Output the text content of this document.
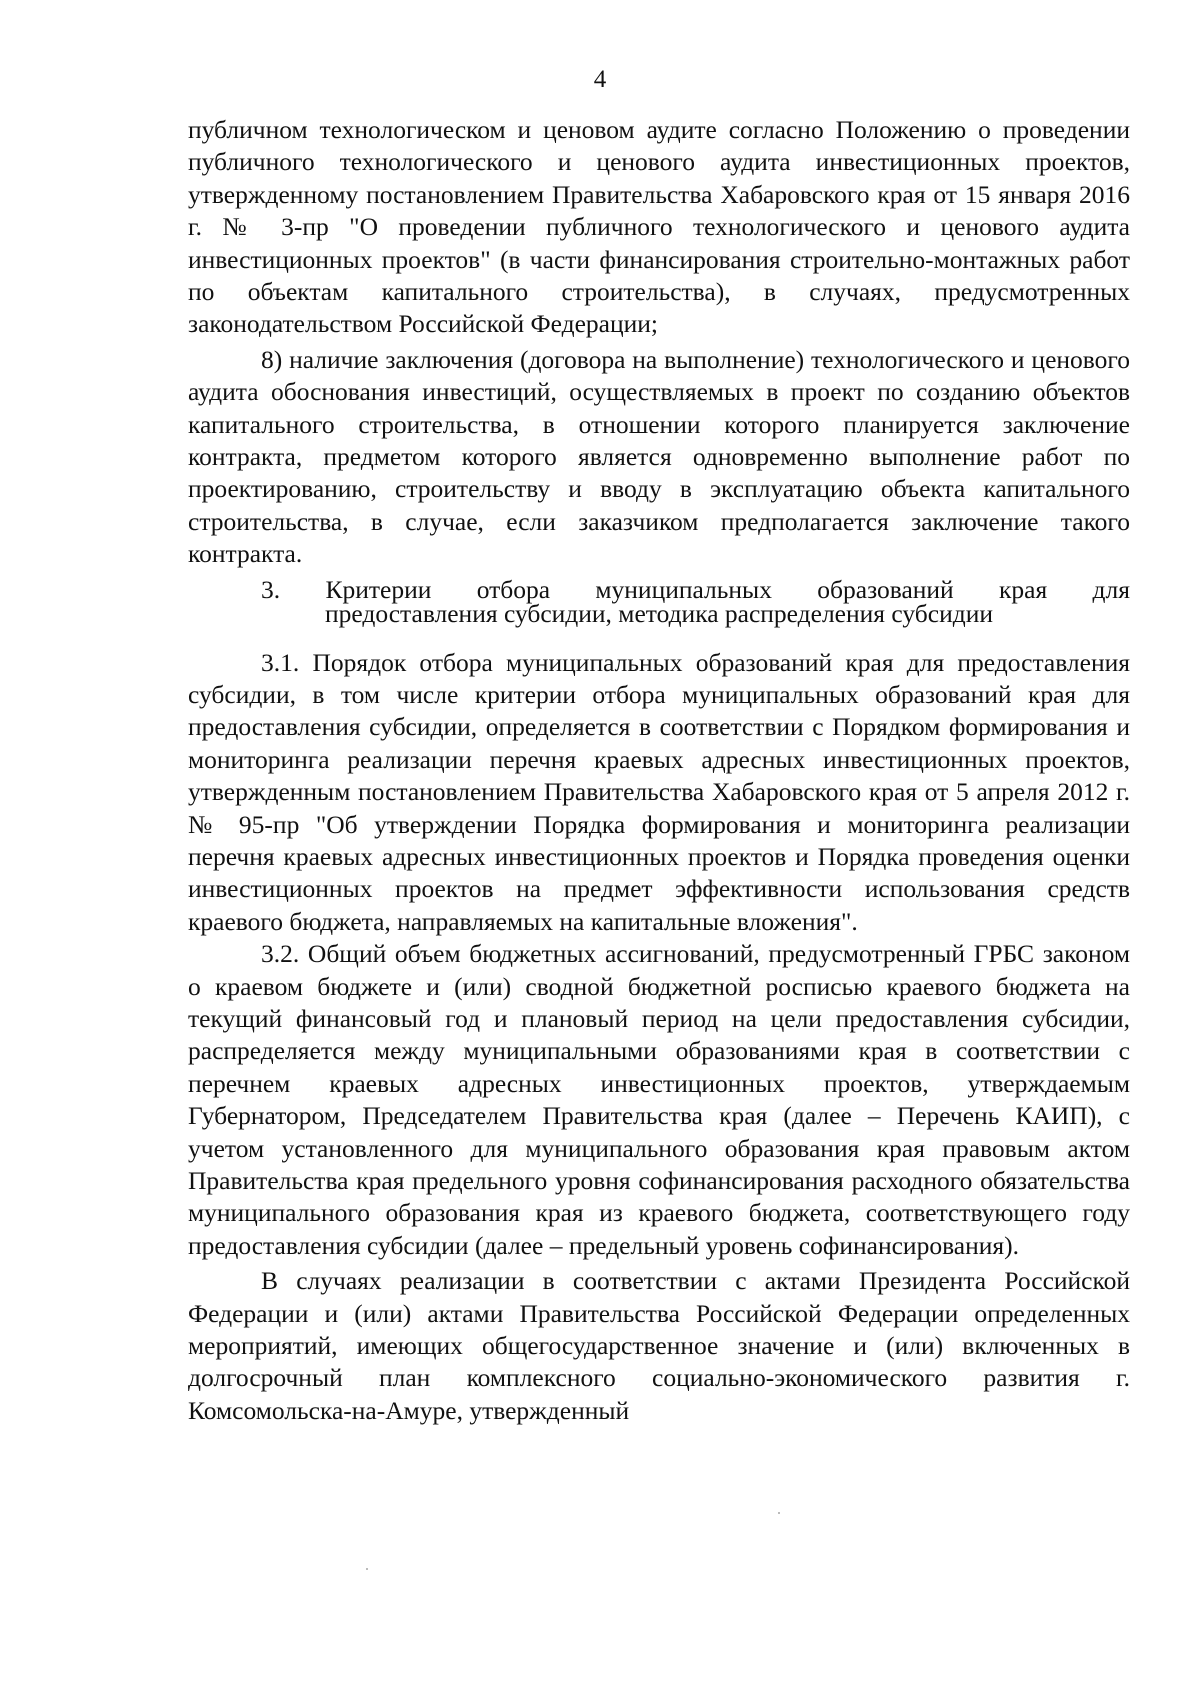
4

публичном технологическом и ценовом аудите согласно Положению о проведении публичного технологического и ценового аудита инвестиционных проектов, утвержденному постановлением Правительства Хабаровского края от 15 января 2016 г. № 3-пр "О проведении публичного технологического и ценового аудита инвестиционных проектов" (в части финансирования строительно-монтажных работ по объектам капитального строительства), в случаях, предусмотренных законодательством Российской Федерации;

8) наличие заключения (договора на выполнение) технологического и ценового аудита обоснования инвестиций, осуществляемых в проект по созданию объектов капитального строительства, в отношении которого планируется заключение контракта, предметом которого является одновременно выполнение работ по проектированию, строительству и вводу в эксплуатацию объекта капитального строительства, в случае, если заказчиком предполагается заключение такого контракта.

3. Критерии отбора муниципальных образований края для

предоставления субсидии, методика распределения субсидии

3.1. Порядок отбора муниципальных образований края для предоставления субсидии, в том числе критерии отбора муниципальных образований края для предоставления субсидии, определяется в соответствии с Порядком формирования и мониторинга реализации перечня краевых адресных инвестиционных проектов, утвержденным постановлением Правительства Хабаровского края от 5 апреля 2012 г. № 95-пр "Об утверждении Порядка формирования и мониторинга реализации перечня краевых адресных инвестиционных проектов и Порядка проведения оценки инвестиционных проектов на предмет эффективности использования средств краевого бюджета, направляемых на капитальные вложения".

3.2. Общий объем бюджетных ассигнований, предусмотренный ГРБС законом о краевом бюджете и (или) сводной бюджетной росписью краевого бюджета на текущий финансовый год и плановый период на цели предоставления субсидии, распределяется между муниципальными образованиями края в соответствии с перечнем краевых адресных инвестиционных проектов, утверждаемым Губернатором, Председателем Правительства края (далее – Перечень КАИП), с учетом установленного для муниципального образования края правовым актом Правительства края предельного уровня софинансирования расходного обязательства муниципального образования края из краевого бюджета, соответствующего году предоставления субсидии (далее – предельный уровень софинансирования).

В случаях реализации в соответствии с актами Президента Российской Федерации и (или) актами Правительства Российской Федерации определенных мероприятий, имеющих общегосударственное значение и (или) включенных в долгосрочный план комплексного социально-экономического развития г. Комсомольска-на-Амуре, утвержденный
